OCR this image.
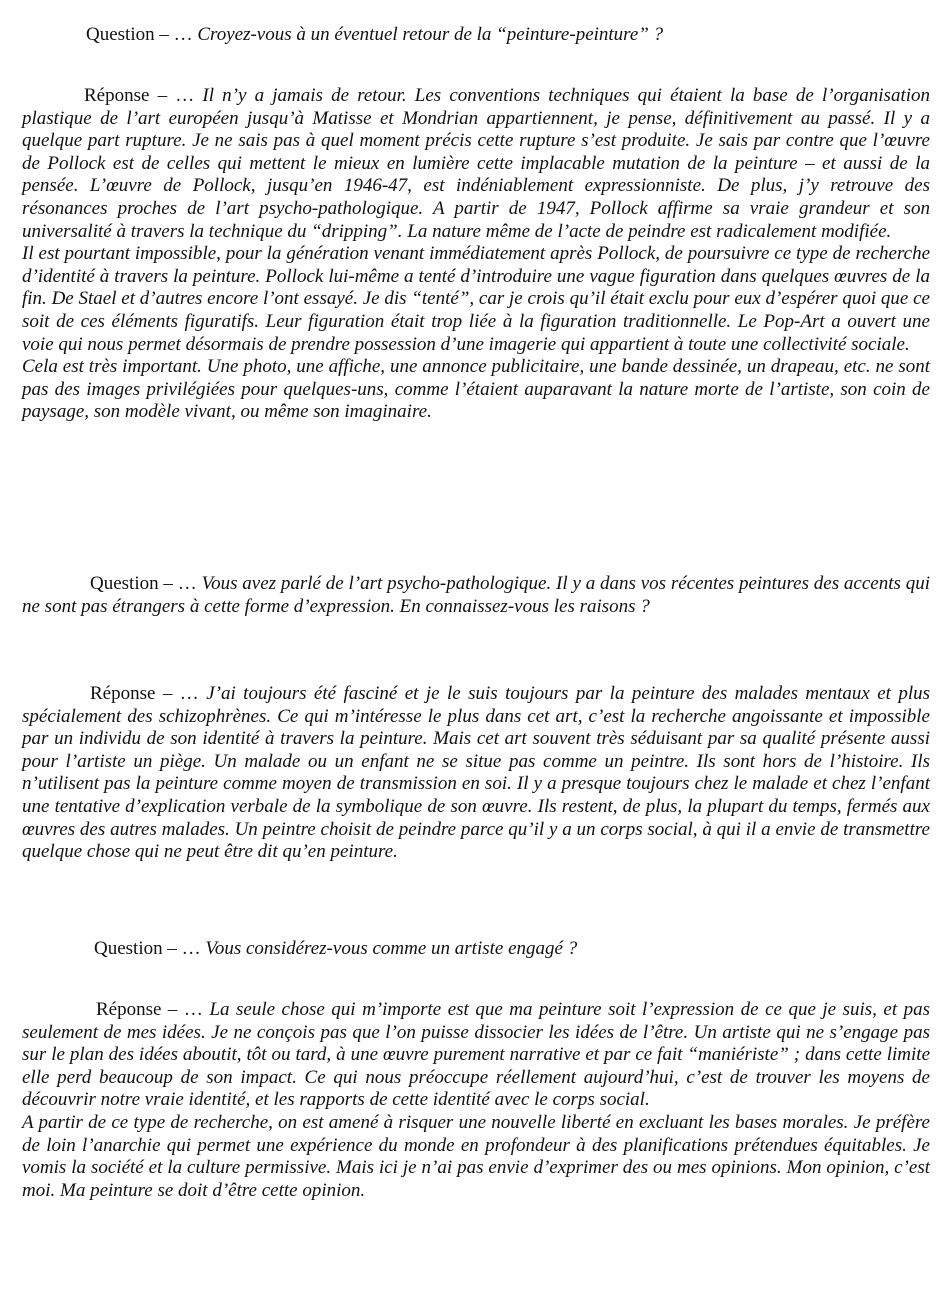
Question – … Croyez-vous à un éventuel retour de la “peinture-peinture” ?

Réponse – … Il n’y a jamais de retour. Les conventions techniques qui étaient la base de l’organisation plastique de l’art européen jusqu’à Matisse et Mondrian appartiennent, je pense, définitivement au passé. Il y a quelque part rupture. Je ne sais pas à quel moment précis cette rupture s’est produite. Je sais par contre que l’œuvre de Pollock est de celles qui mettent le mieux en lumière cette implacable mutation de la peinture – et aussi de la pensée. L’œuvre de Pollock, jusqu’en 1946-47, est indéniablement expressionniste. De plus, j’y retrouve des résonances proches de l’art psycho-pathologique. A partir de 1947, Pollock affirme sa vraie grandeur et son universalité à travers la technique du “dripping”. La nature même de l’acte de peindre est radicalement modifiée.

Il est pourtant impossible, pour la génération venant immédiatement après Pollock, de poursuivre ce type de recherche d’identité à travers la peinture. Pollock lui-même a tenté d’introduire une vague figuration dans quelques œuvres de la fin. De Stael et d’autres encore l’ont essayé. Je dis “tenté”, car je crois qu’il était exclu pour eux d’espérer quoi que ce soit de ces éléments figuratifs. Leur figuration était trop liée à la figuration traditionnelle. Le Pop-Art a ouvert une voie qui nous permet désormais de prendre possession d’une imagerie qui appartient à toute une collectivité sociale.

Cela est très important. Une photo, une affiche, une annonce publicitaire, une bande dessinée, un drapeau, etc. ne sont pas des images privilégiées pour quelques-uns, comme l’étaient auparavant la nature morte de l’artiste, son coin de paysage, son modèle vivant, ou même son imaginaire.

Question – … Vous avez parlé de l’art psycho-pathologique. Il y a dans vos récentes peintures des accents qui ne sont pas étrangers à cette forme d’expression. En connaissez-vous les raisons ?

Réponse – … J’ai toujours été fasciné et je le suis toujours par la peinture des malades mentaux et plus spécialement des schizophrènes. Ce qui m’intéresse le plus dans cet art, c’est la recherche angoissante et impossible par un individu de son identité à travers la peinture. Mais cet art souvent très séduisant par sa qualité présente aussi pour l’artiste un piège. Un malade ou un enfant ne se situe pas comme un peintre. Ils sont hors de l’histoire. Ils n’utilisent pas la peinture comme moyen de transmission en soi. Il y a presque toujours chez le malade et chez l’enfant une tentative d’explication verbale de la symbolique de son œuvre. Ils restent, de plus, la plupart du temps, fermés aux œuvres des autres malades. Un peintre choisit de peindre parce qu’il y a un corps social, à qui il a envie de transmettre quelque chose qui ne peut être dit qu’en peinture.

Question – … Vous considérez-vous comme un artiste engagé ?

Réponse – … La seule chose qui m’importe est que ma peinture soit l’expression de ce que je suis, et pas seulement de mes idées. Je ne conçois pas que l’on puisse dissocier les idées de l’être. Un artiste qui ne s’engage pas sur le plan des idées aboutit, tôt ou tard, à une œuvre purement narrative et par ce fait “maniériste” ; dans cette limite elle perd beaucoup de son impact. Ce qui nous préoccupe réellement aujourd’hui, c’est de trouver les moyens de découvrir notre vraie identité, et les rapports de cette identité avec le corps social.

A partir de ce type de recherche, on est amené à risquer une nouvelle liberté en excluant les bases morales. Je préfère de loin l’anarchie qui permet une expérience du monde en profondeur à des planifications prétendues équitables. Je vomis la société et la culture permissive. Mais ici je n’ai pas envie d’exprimer des ou mes opinions. Mon opinion, c’est moi. Ma peinture se doit d’être cette opinion.
